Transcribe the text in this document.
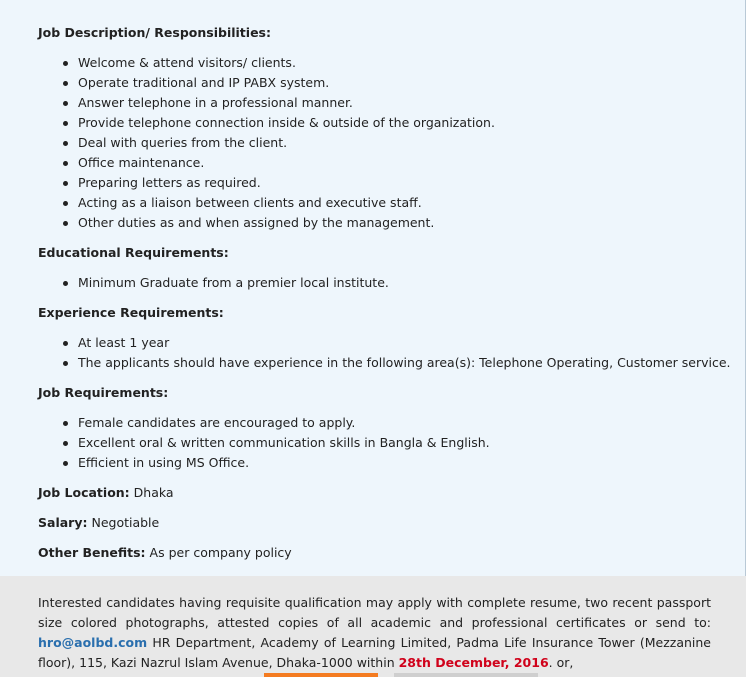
Job Description/ Responsibilities:
Welcome & attend visitors/ clients.
Operate traditional and IP PABX system.
Answer telephone in a professional manner.
Provide telephone connection inside & outside of the organization.
Deal with queries from the client.
Office maintenance.
Preparing letters as required.
Acting as a liaison between clients and executive staff.
Other duties as and when assigned by the management.
Educational Requirements:
Minimum Graduate from a premier local institute.
Experience Requirements:
At least 1 year
The applicants should have experience in the following area(s): Telephone Operating, Customer service.
Job Requirements:
Female candidates are encouraged to apply.
Excellent oral & written communication skills in Bangla & English.
Efficient in using MS Office.

Job Location: Dhaka

Salary: Negotiable

Other Benefits: As per company policy

Interested candidates having requisite qualification may apply with complete resume, two recent passport size colored photographs, attested copies of all academic and professional certificates or send to: hro@aolbd.com HR Department, Academy of Learning Limited, Padma Life Insurance Tower (Mezzanine floor), 115, Kazi Nazrul Islam Avenue, Dhaka-1000 within 28th December, 2016. or,
